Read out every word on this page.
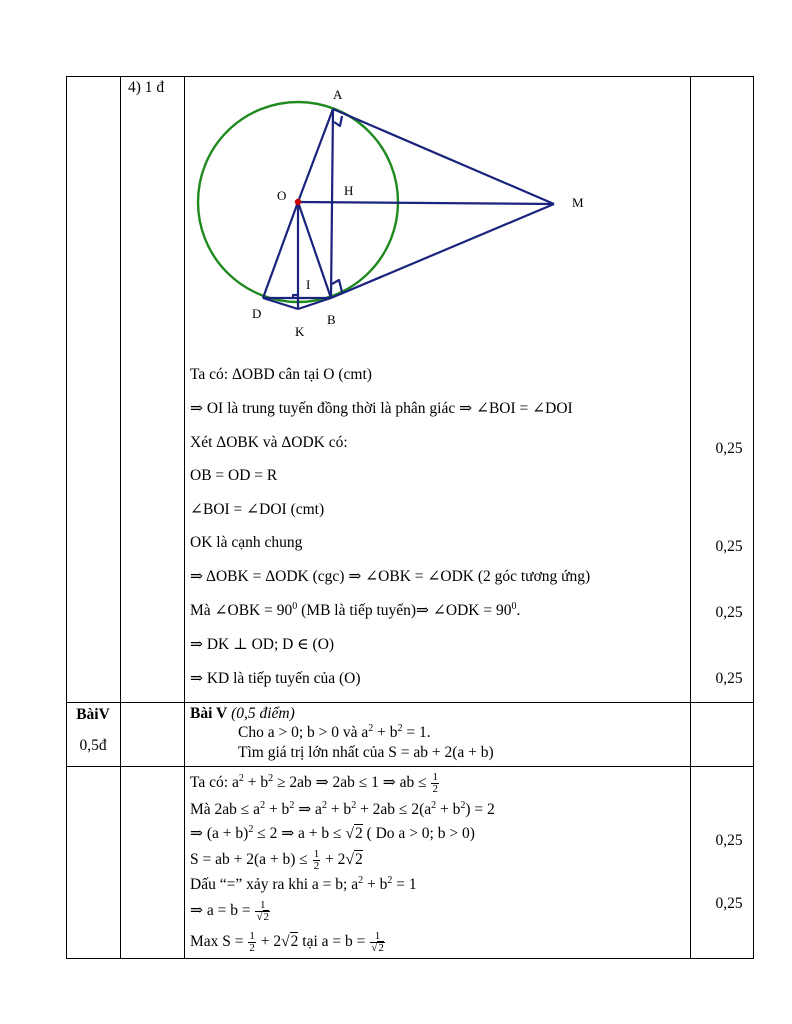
4) 1 đ	A
O	H
M
I
D
K
B
Ta có: ΔOBD cân tại O (cmt)
⇒ OI là trung tuyến đồng thời là phân giác ⇒ ∠BOI = ∠DOI
Xét ΔOBK và ΔODK có:
OB = OD = R
∠BOI = ∠DOI (cmt)
OK là cạnh chung
⇒ ΔOBK = ΔODK (cgc) ⇒ ∠OBK = ∠ODK (2 góc tương ứng)
Mà ∠OBK = $90^0$ (MB là tiếp tuyến)⇒ ∠ODK = $90^0$.
⇒ DK ⊥ OD; D ∈ (O)
⇒ KD là tiếp tuyến của (O)
0,25
0,25
0,25
0,25
BàiV
0,5đ
Bài V (0,5 điểm)
Cho a > 0; b > 0 và $a^2 + b^2 = 1$.
Tìm giá trị lớn nhất của S = ab + 2(a + b)
Ta có: $a^2 + b^2 \ge 2ab$ ⇒ 2ab ≤ 1 ⇒ ab ≤ $\frac{1}{2}$
Mà $2ab \le a^2 + b^2$ ⇒ $a^2 + b^2 + 2ab \le 2(a^2 + b^2) = 2$
⇒ $(a + b)^2 \le 2$ ⇒ a + b ≤ √2 ( Do a > 0; b > 0)
S = ab + $2(a + b) \le \frac{1}{2} + 2√2$
Dấu “=” xảy ra khi a = b; $a^2 + b^2 = 1$
⇒ $a = b = \frac{1}{√2}$
Max $S = \frac{1}{2} + 2√2$ tại $a = b = \frac{1}{√2}$
0,25
0,25
